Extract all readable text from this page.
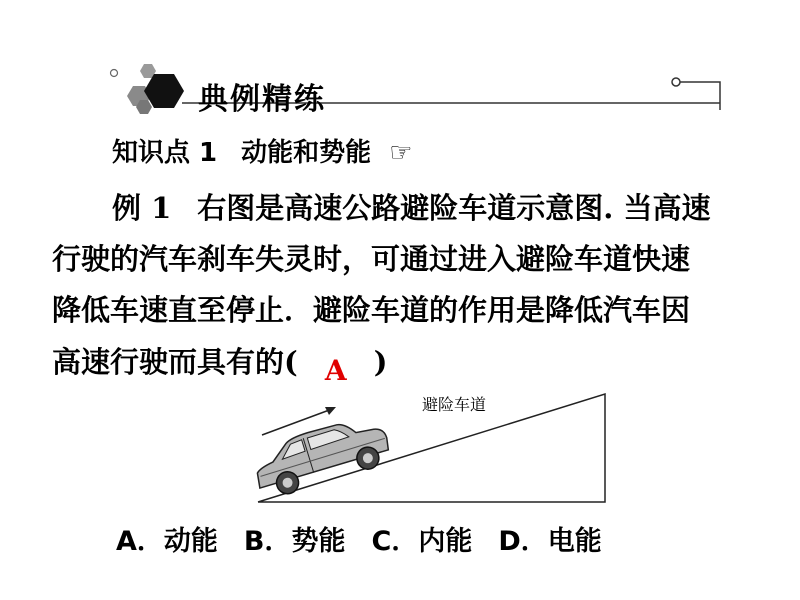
典例精练
知识点 1 动能和势能 ☞
例 1 右图是高速公路避险车道示意图. 当高速
行驶的汽车刹车失灵时，可通过进入避险车道快速
降低车速直至停止．避险车道的作用是降低汽车因
高速行驶而具有的( A )
避险车道
A．动能 B．势能 C．内能 D．电能
